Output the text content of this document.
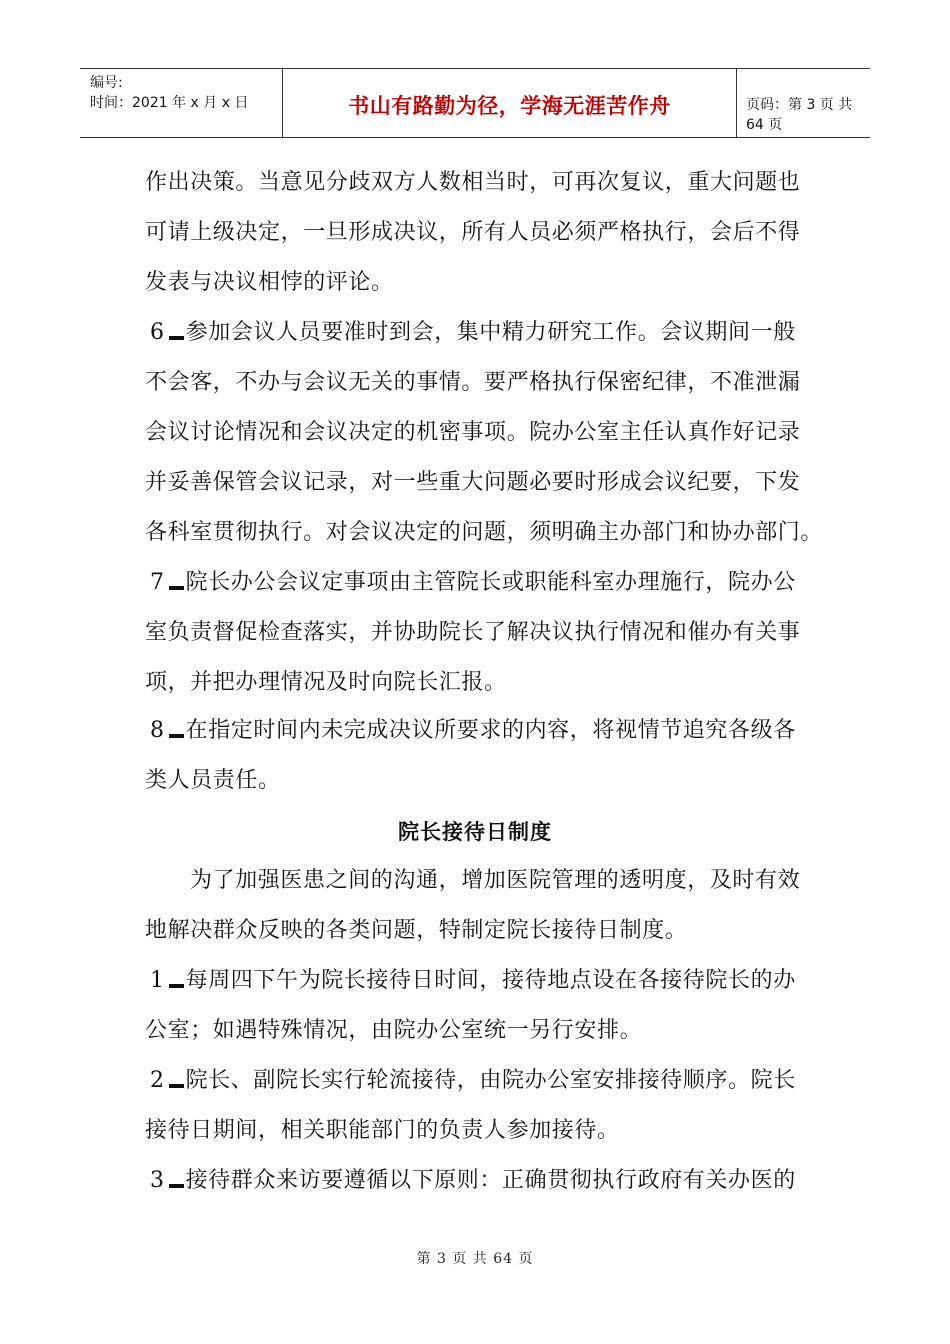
编号:
时间：2021 年 x 月 x 日	书山有路勤为径，学海无涯苦作舟	页码：第 3 页 共 64 页
作出决策。当意见分歧双方人数相当时，可再次复议，重大问题也
可请上级决定，一旦形成决议，所有人员必须严格执行，会后不得
发表与决议相悖的评论。
6 参加会议人员要准时到会，集中精力研究工作。会议期间一般
不会客，不办与会议无关的事情。要严格执行保密纪律，不准泄漏
会议讨论情况和会议决定的机密事项。院办公室主任认真作好记录
并妥善保管会议记录，对一些重大问题必要时形成会议纪要，下发
各科室贯彻执行。对会议决定的问题，须明确主办部门和协办部门。
7 院长办公会议定事项由主管院长或职能科室办理施行，院办公
室负责督促检查落实，并协助院长了解决议执行情况和催办有关事
项，并把办理情况及时向院长汇报。
8 在指定时间内未完成决议所要求的内容，将视情节追究各级各
类人员责任。
院长接待日制度
为了加强医患之间的沟通，增加医院管理的透明度，及时有效
地解决群众反映的各类问题，特制定院长接待日制度。
1 每周四下午为院长接待日时间，接待地点设在各接待院长的办
公室；如遇特殊情况，由院办公室统一另行安排。
2 院长、副院长实行轮流接待，由院办公室安排接待顺序。院长
接待日期间，相关职能部门的负责人参加接待。
3 接待群众来访要遵循以下原则：正确贯彻执行政府有关办医的
第 3 页 共 64 页
